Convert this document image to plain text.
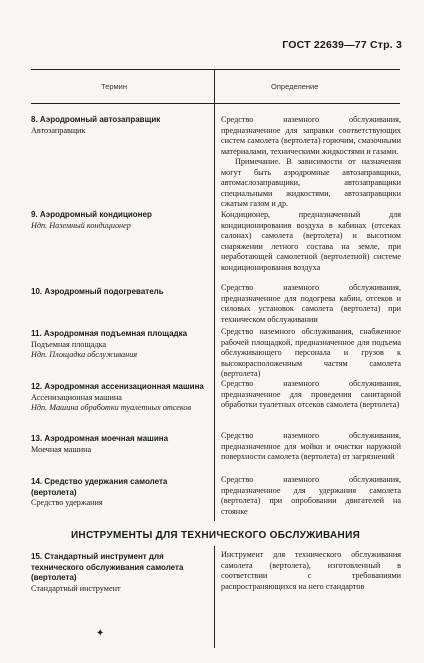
ГОСТ 22639—77 Стр. 3
Термин	Определение
8. Аэродромный автозаправщик
Автозаправщик

Средство наземного обслуживания, предназначенное для заправки соответствующих систем самолета (вертолета) горючим, смазочными материалами, техническими жидкостями и газами.

Примечание. В зависимости от назначения могут быть аэродромные автозаправщики, автомаслозаправщики, автозаправщики специальными жидкостями, автозаправщики сжатым газом и др.

9. Аэродромный кондиционер
Ндп. Наземный кондиционер

Кондиционер, предназначенный для кондиционирования воздуха в кабинах (отсеках салонах) самолета (вертолета) и высотном снаряжении летного состава на земле, при неработающей самолетной (вертолетной) системе кондиционирования воздуха

10. Аэродромный подогреватель	Средство наземного обслуживания, предназначенное для подогрева кабин, отсеков и силовых установок самолета (вертолета) при техническом обслуживании

11. Аэродромная подъемная площадка
Подъемная площадка
Ндп. Площадка обслуживания

Средство наземного обслуживания, снабженное рабочей площадкой, предназначенное для подъема обслуживающего персонала и грузов к высокорасположенным частям самолета (вертолета)

12. Аэродромная ассенизационная машина
Ассенизационная машина
Ндп. Машина обработки туалетных отсеков

Средство наземного обслуживания, предназначенное для проведения санитарной обработки туалетных отсеков самолета (вертолета)

13. Аэродромная моечная машина
Моечная машина

Средство наземного обслуживания, предназначенное для мойки и очистки наружной поверхности самолета (вертолета) от загрязнений

14. Средство удержания самолета (вертолета)
Средство удержания

Средство наземного обслуживания, предназначенное для удержания самолета (вертолета) при опробовании двигателей на стоянке

ИНСТРУМЕНТЫ ДЛЯ ТЕХНИЧЕСКОГО ОБСЛУЖИВАНИЯ
15. Стандартный инструмент для технического обслуживания самолета (вертолета)
Стандартный инструмент

Инструмент для технического обслуживания самолета (вертолета), изготовленный в соответствии с требованиями распространяющихся на него стандартов

✦
